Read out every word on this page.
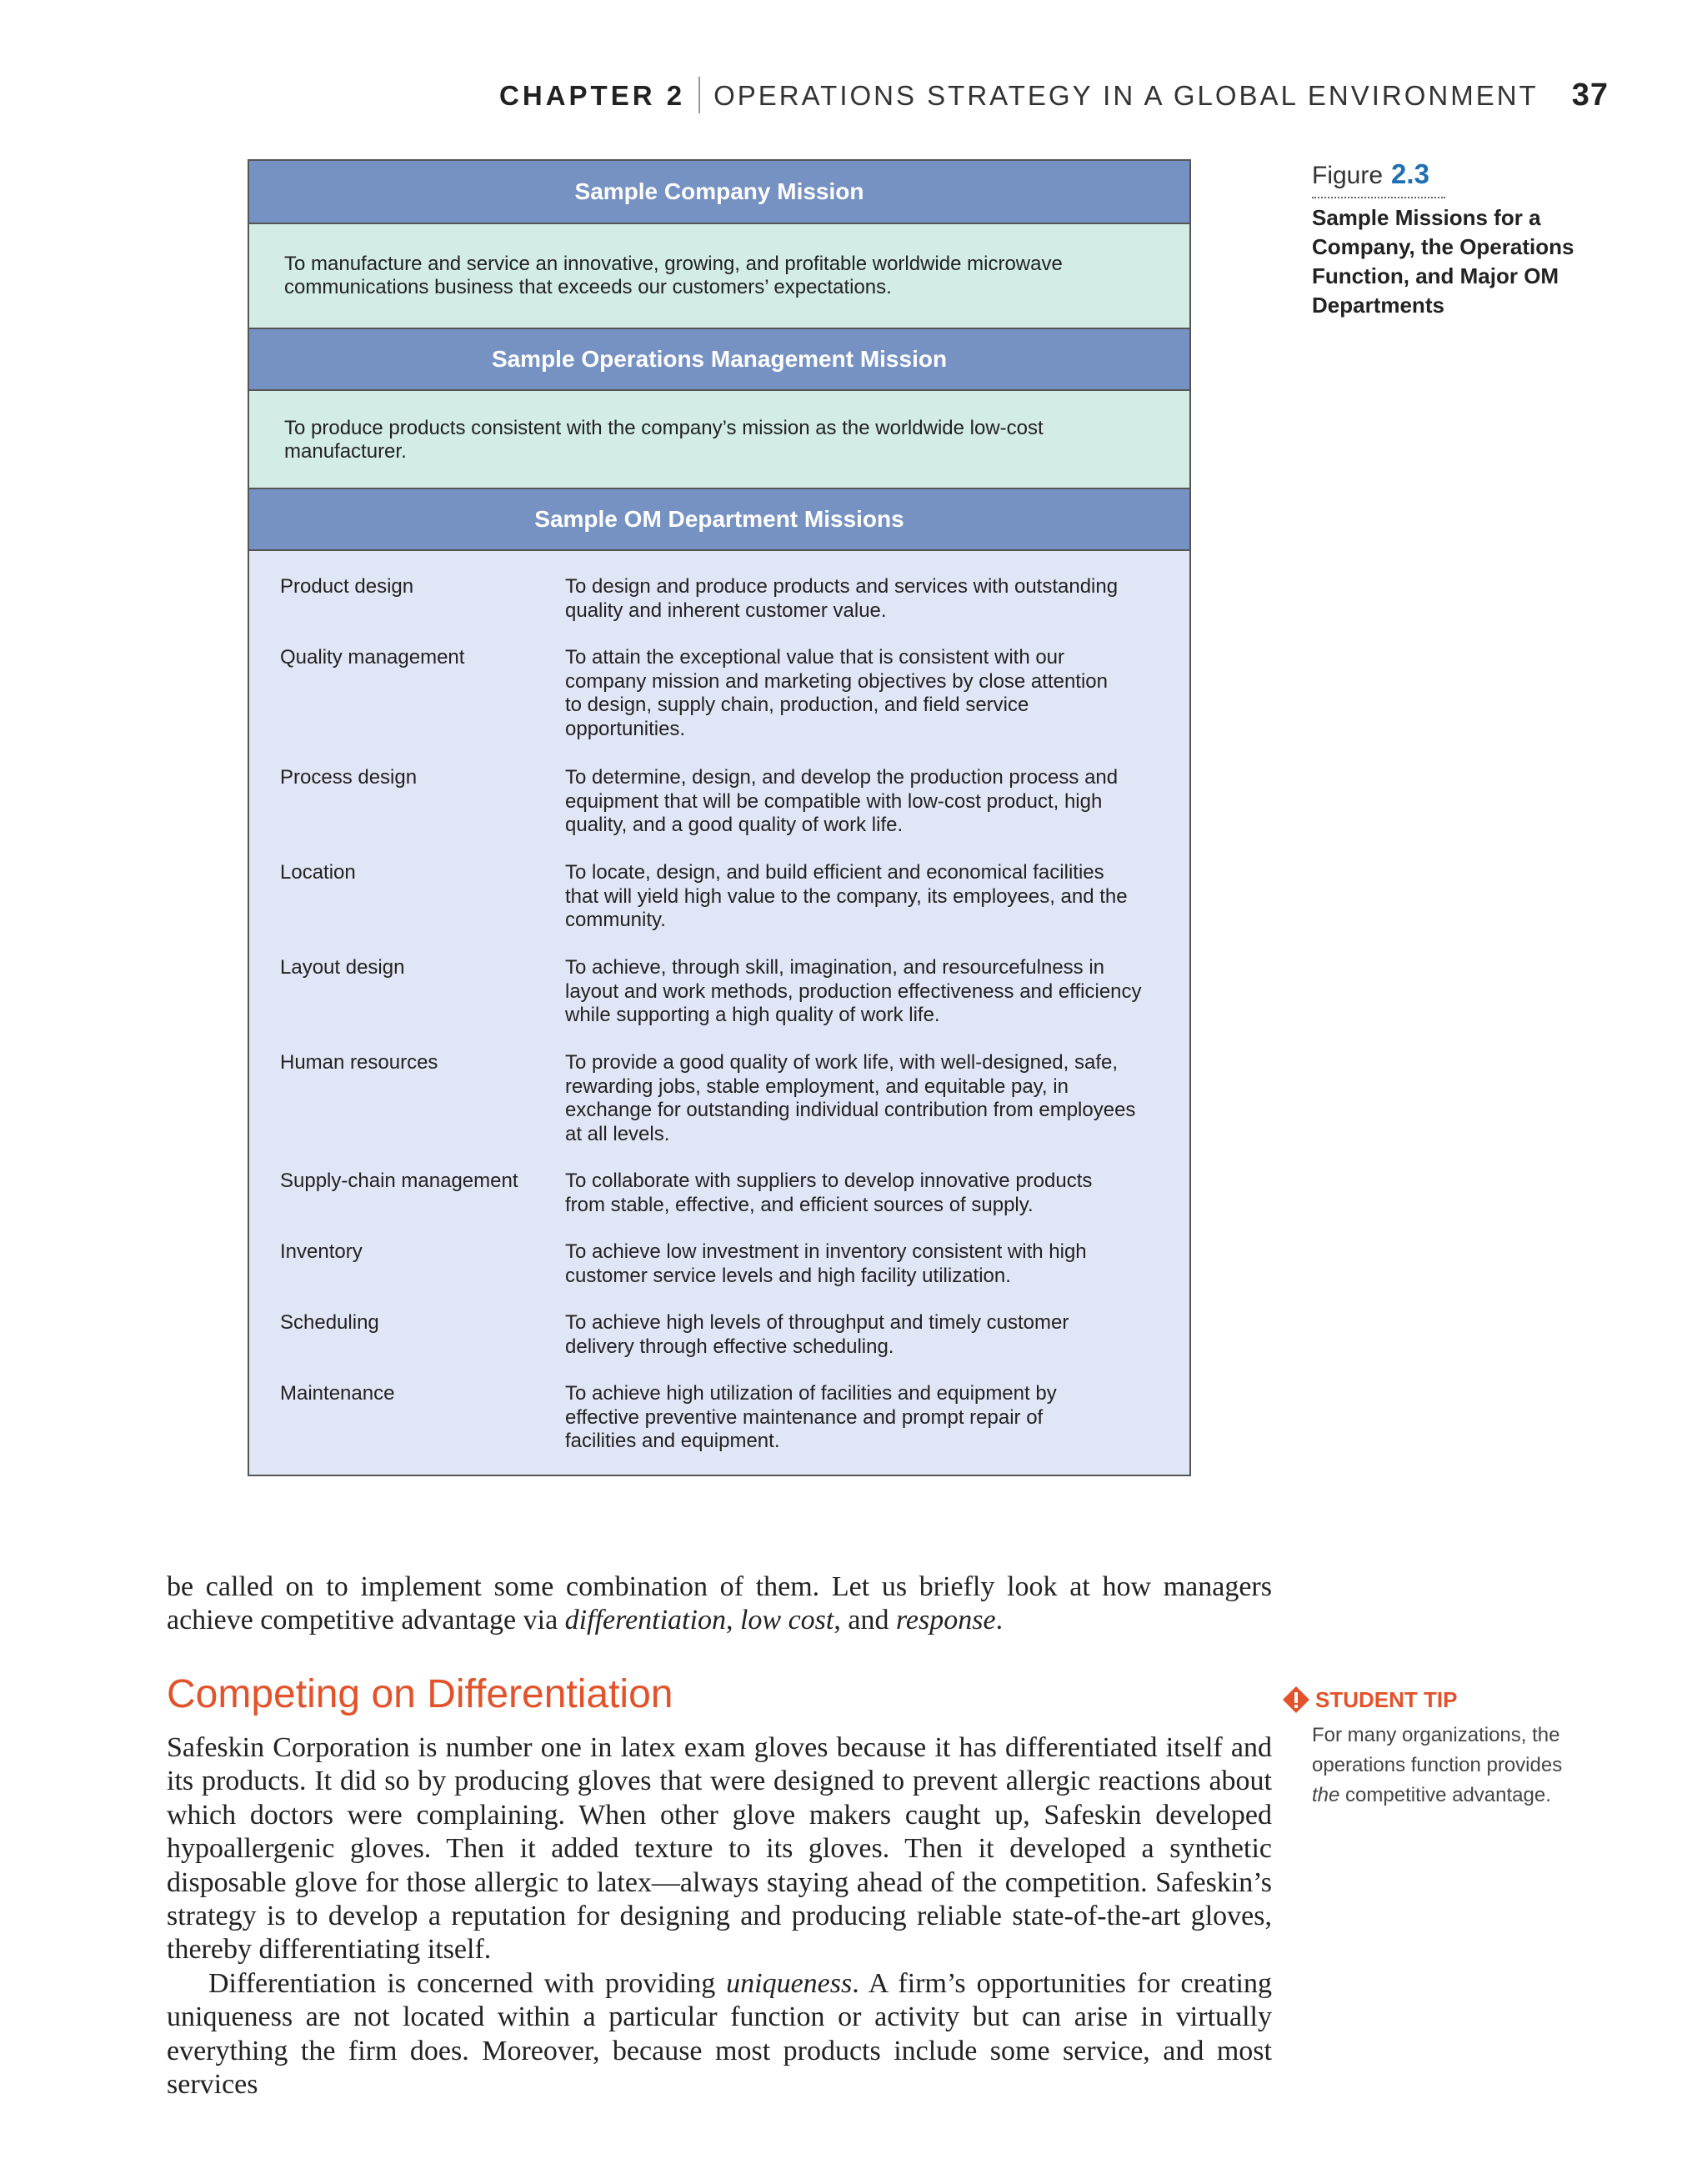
CHAPTER 2 OPERATIONS STRATEGY IN A GLOBAL ENVIRONMENT 37
Sample Company Mission
To manufacture and service an innovative, growing, and profitable worldwide microwave communications business that exceeds our customers’ expectations.
Sample Operations Management Mission
To produce products consistent with the company’s mission as the worldwide low-cost manufacturer.
Sample OM Department Missions
Product design	To design and produce products and services with outstanding quality and inherent customer value.
Quality management	To attain the exceptional value that is consistent with our company mission and marketing objectives by close attention to design, supply chain, production, and field service opportunities.
Process design	To determine, design, and develop the production process and equipment that will be compatible with low-cost product, high quality, and a good quality of work life.
Location	To locate, design, and build efficient and economical facilities that will yield high value to the company, its employees, and the community.
Layout design	To achieve, through skill, imagination, and resourcefulness in layout and work methods, production effectiveness and efficiency while supporting a high quality of work life.
Human resources	To provide a good quality of work life, with well-designed, safe, rewarding jobs, stable employment, and equitable pay, in exchange for outstanding individual contribution from employees at all levels.
Supply-chain management	To collaborate with suppliers to develop innovative products from stable, effective, and efficient sources of supply.
Inventory	To achieve low investment in inventory consistent with high customer service levels and high facility utilization.
Scheduling	To achieve high levels of throughput and timely customer delivery through effective scheduling.
Maintenance	To achieve high utilization of facilities and equipment by effective preventive maintenance and prompt repair of facilities and equipment.
Figure 2.3
Sample Missions for a Company, the Operations Function, and Major OM Departments

be called on to implement some combination of them. Let us briefly look at how managers achieve competitive advantage via differentiation, low cost, and response.

Competing on Differentiation

Safeskin Corporation is number one in latex exam gloves because it has differentiated itself and its products. It did so by producing gloves that were designed to prevent allergic reactions about which doctors were complaining. When other glove makers caught up, Safeskin developed hypoallergenic gloves. Then it added texture to its gloves. Then it developed a synthetic disposable glove for those allergic to latex—always staying ahead of the competition. Safeskin’s strategy is to develop a reputation for designing and producing reliable state-of-the-art gloves, thereby differentiating itself.

Differentiation is concerned with providing uniqueness. A firm’s opportunities for creating uniqueness are not located within a particular function or activity but can arise in virtually everything the firm does. Moreover, because most products include some service, and most services

STUDENT TIP
For many organizations, the operations function provides the competitive advantage.
